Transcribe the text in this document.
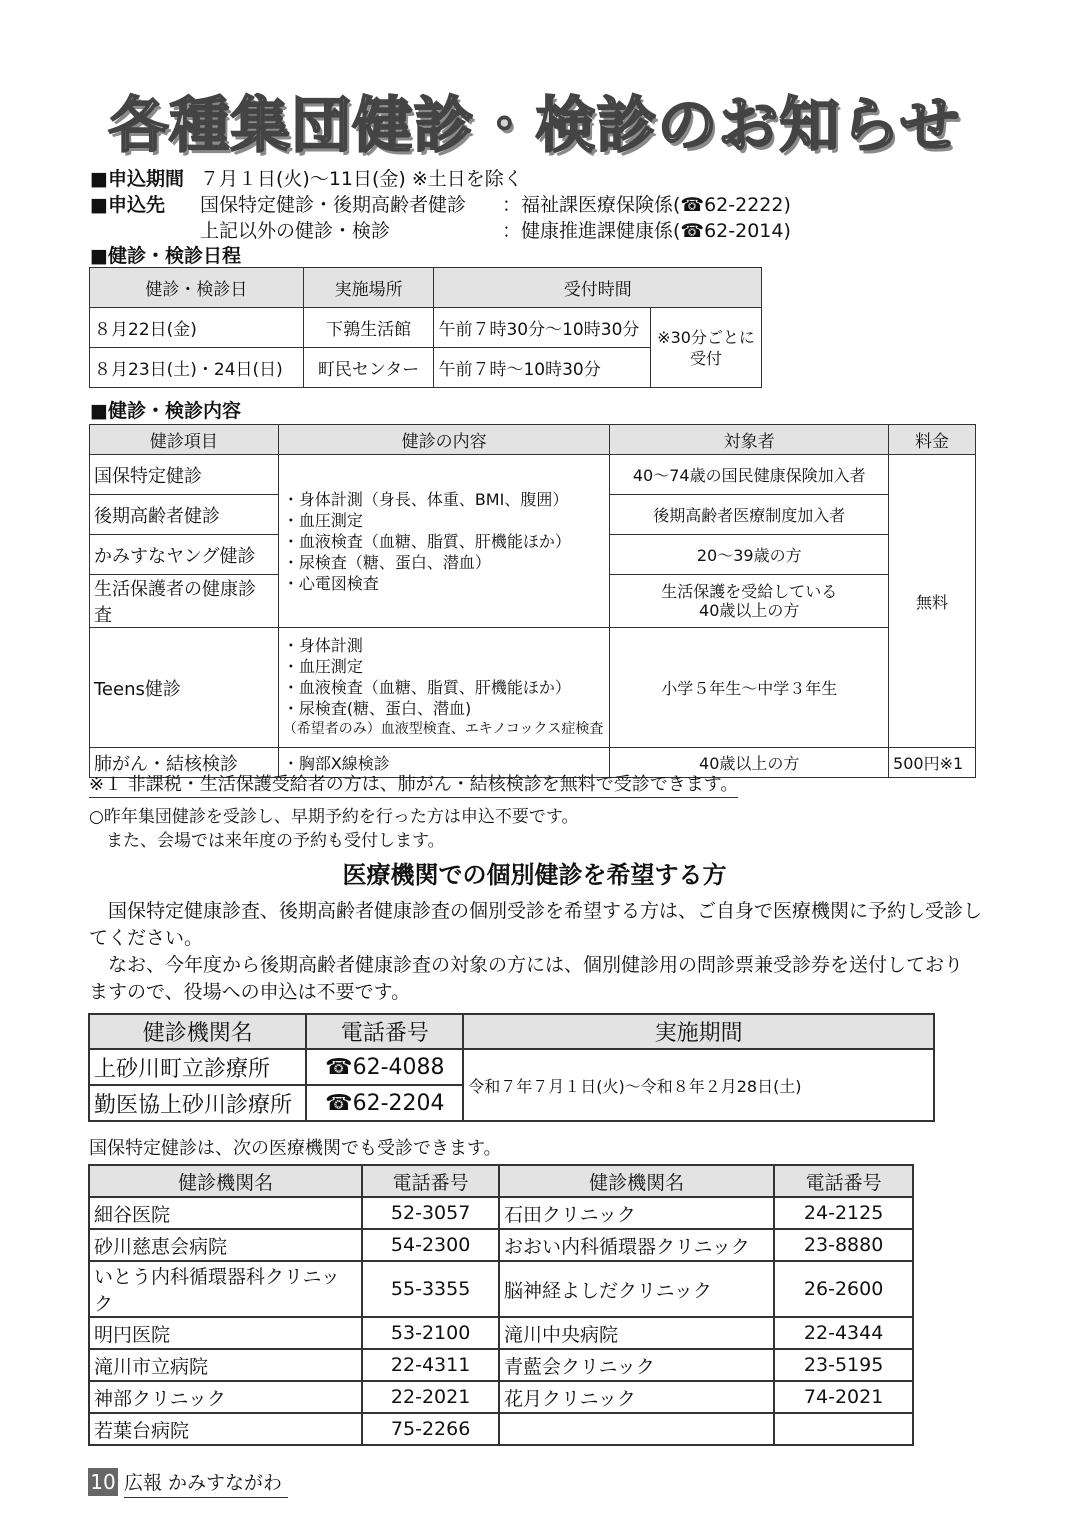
各種集団健診・検診のお知らせ
■申込期間 ７月１日(火)～11日(金) ※土日を除く
■申込先 国保特定健診・後期高齢者健診 ：福祉課医療保険係(☎62-2222)
上記以外の健診・検診	：健康推進課健康係(☎62-2014)
■健診・検診日程
健診・検診日	実施場所	受付時間	
８月22日(金)	下鶉生活館	午前７時30分～10時30分	※30分ごとに
受付

８月23日(土)・24日(日)	町民センター	午前７時～10時30分	
■健診・検診内容
健診項目	健診の内容	対象者	料金
国保特定健診	・身体計測（身長、体重、BMI、腹囲）
・血圧測定
・血液検査（血糖、脂質、肝機能ほか）
・尿検査（糖、蛋白、潜血）
・心電図検査	40～74歳の国民健康保険加入者	無料
後期高齢者健診		後期高齢者医療制度加入者	
かみすなヤング健診		20～39歳の方	
生活保護者の健康診査		生活保護を受給している
40歳以上の方	

Teens健診	・身体計測
・血圧測定
・血液検査（血糖、脂質、肝機能ほか）
・尿検査(糖、蛋白、潜血)
（希望者のみ）血液型検査、エキノコックス症検査	小学５年生～中学３年生	
肺がん・結核検診	・胸部X線検診	40歳以上の方	500円※1
※１ 非課税・生活保護受給者の方は、肺がん・結核検診を無料で受診できます。
○昨年集団健診を受診し、早期予約を行った方は申込不要です。
また、会場では来年度の予約も受付します。
医療機関での個別健診を希望する方
国保特定健康診査、後期高齢者健康診査の個別受診を希望する方は、ご自身で医療機関に予約し受診し
てください。
なお、今年度から後期高齢者健康診査の対象の方には、個別健診用の問診票兼受診券を送付しており
ますので、役場への申込は不要です。
健診機関名	電話番号	実施期間
上砂川町立診療所	☎62-4088	令和７年７月１日(火)～令和８年２月28日(土)
勤医協上砂川診療所	☎62-2204	
国保特定健診は、次の医療機関でも受診できます。
健診機関名	電話番号	健診機関名	電話番号
細谷医院	52-3057	石田クリニック	24-2125
砂川慈恵会病院	54-2300	おおい内科循環器クリニック	23-8880
いとう内科循環器科クリニック	55-3355	脳神経よしだクリニック	26-2600
明円医院	53-2100	滝川中央病院	22-4344
滝川市立病院	22-4311	青藍会クリニック	23-5195
神部クリニック	22-2021	花月クリニック	74-2021
若葉台病院	75-2266		
10 広報 かみすながわ
